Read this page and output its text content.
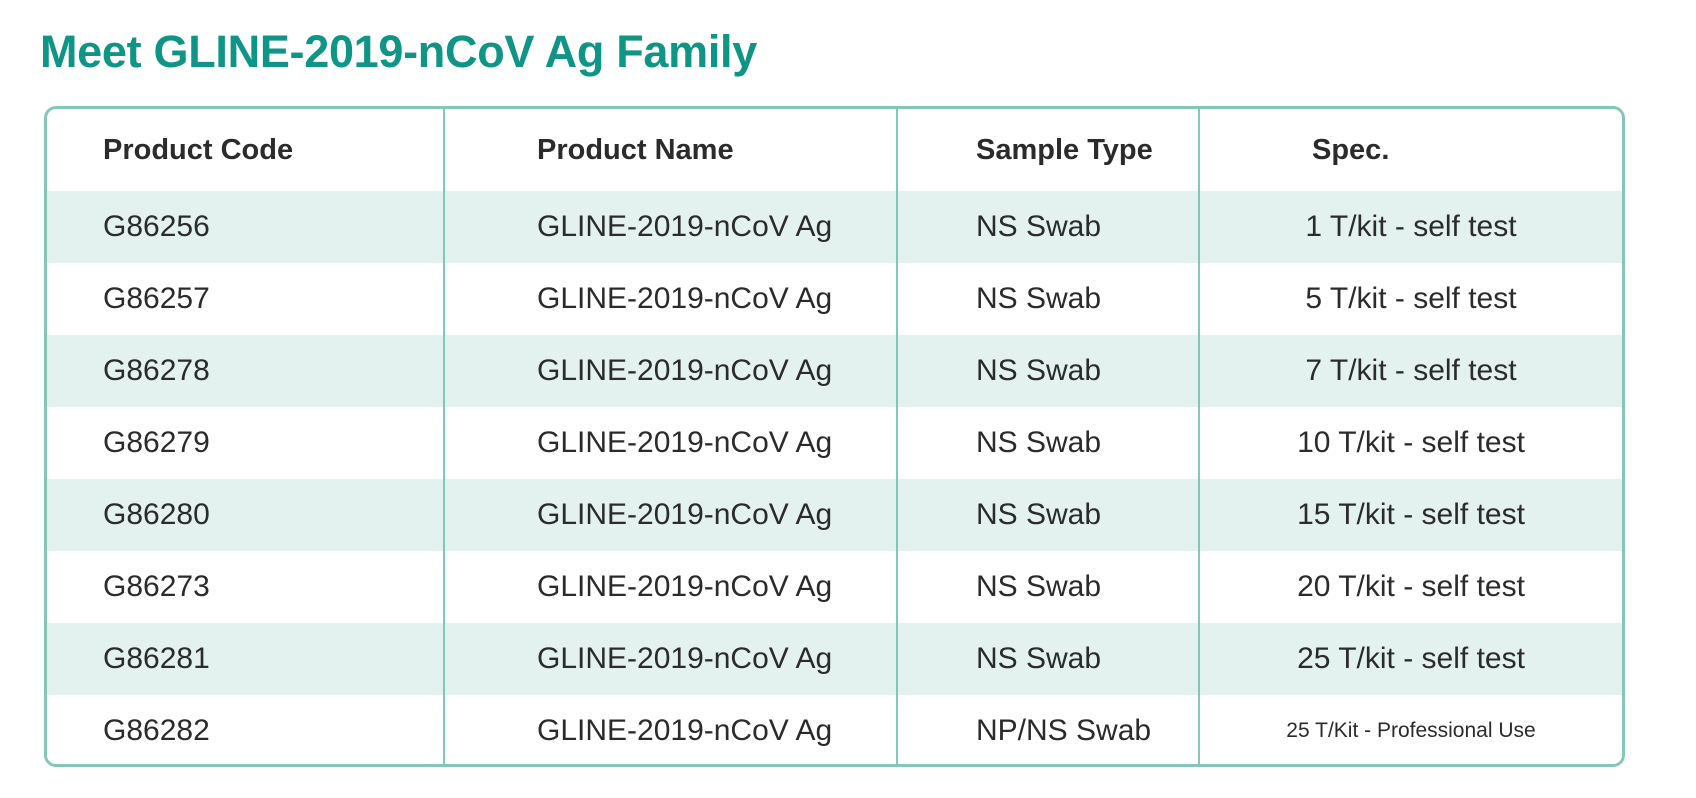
Meet GLINE-2019-nCoV Ag Family
Product Code	Product Name	Sample Type	Spec.
G86256	GLINE-2019-nCoV Ag	NS Swab	1 T/kit - self test
G86257	GLINE-2019-nCoV Ag	NS Swab	5 T/kit - self test
G86278	GLINE-2019-nCoV Ag	NS Swab	7 T/kit - self test
G86279	GLINE-2019-nCoV Ag	NS Swab	10 T/kit - self test
G86280	GLINE-2019-nCoV Ag	NS Swab	15 T/kit - self test
G86273	GLINE-2019-nCoV Ag	NS Swab	20 T/kit - self test
G86281	GLINE-2019-nCoV Ag	NS Swab	25 T/kit - self test
G86282	GLINE-2019-nCoV Ag	NP/NS Swab	25 T/Kit - Professional Use
